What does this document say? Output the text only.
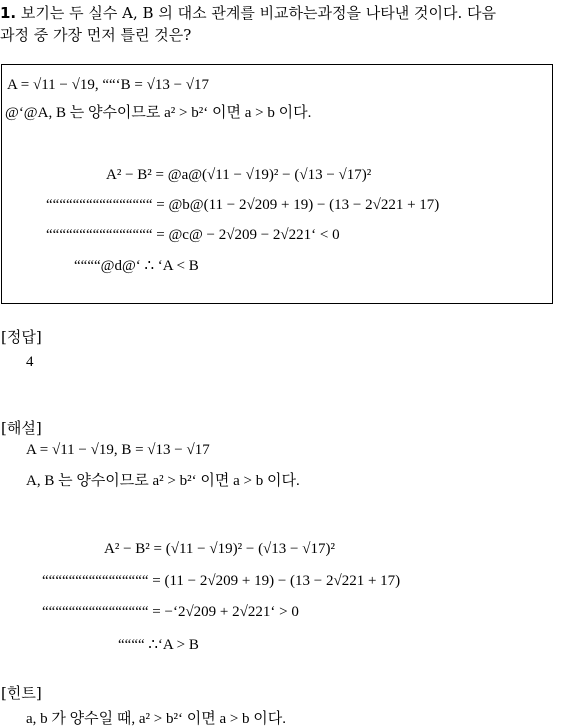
1. 보기는 두 실수 A, B 의 대소 관계를 비교하는과정을 나타낸 것이다. 다음
과정 중 가장 먼저 틀린 것은?
A = √11 − √19, ““‘B = √13 − √17
@‘@A, B 는 양수이므로 a² > b²‘ 이면 a > b 이다.
A² − B² = @a@(√11 − √19)² − (√13 − √17)²
““““““““““““““““ = @b@(11 − 2√209 + 19) − (13 − 2√221 + 17)
““““““““““““““““ = @c@ − 2√209 − 2√221‘ < 0
““““@d@‘ ∴ ‘A < B
[정답]
4
[해설]
A = √11 − √19, B = √13 − √17
A, B 는 양수이므로 a² > b²‘ 이면 a > b 이다.
A² − B² = (√11 − √19)² − (√13 − √17)²
““““““““““““““““ = (11 − 2√209 + 19) − (13 − 2√221 + 17)
““““““““““““““““ = −‘2√209 + 2√221‘ > 0
““““ ∴‘A > B
[힌트]
a, b 가 양수일 때, a² > b²‘ 이면 a > b 이다.
